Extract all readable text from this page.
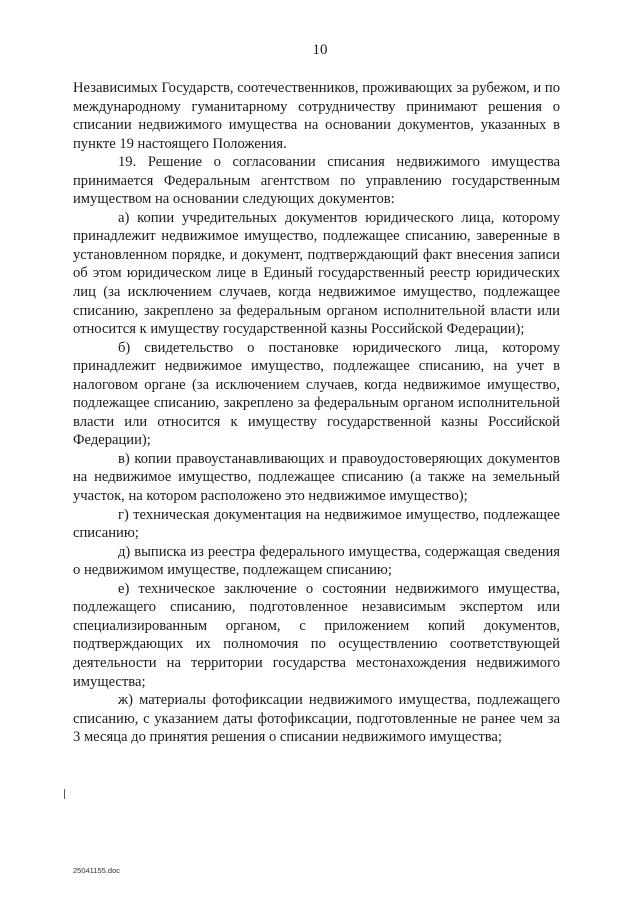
10

Независимых Государств, соотечественников, проживающих за рубежом, и по международному гуманитарному сотрудничеству принимают решения о списании недвижимого имущества на основании документов, указанных в пункте 19 настоящего Положения.

19. Решение о согласовании списания недвижимого имущества принимается Федеральным агентством по управлению государственным имуществом на основании следующих документов:

а) копии учредительных документов юридического лица, которому принадлежит недвижимое имущество, подлежащее списанию, заверенные в установленном порядке, и документ, подтверждающий факт внесения записи об этом юридическом лице в Единый государственный реестр юридических лиц (за исключением случаев, когда недвижимое имущество, подлежащее списанию, закреплено за федеральным органом исполнительной власти или относится к имуществу государственной казны Российской Федерации);

б) свидетельство о постановке юридического лица, которому принадлежит недвижимое имущество, подлежащее списанию, на учет в налоговом органе (за исключением случаев, когда недвижимое имущество, подлежащее списанию, закреплено за федеральным органом исполнительной власти или относится к имуществу государственной казны Российской Федерации);

в) копии правоустанавливающих и правоудостоверяющих документов на недвижимое имущество, подлежащее списанию (а также на земельный участок, на котором расположено это недвижимое имущество);

г) техническая документация на недвижимое имущество, подлежащее списанию;

д) выписка из реестра федерального имущества, содержащая сведения о недвижимом имуществе, подлежащем списанию;

е) техническое заключение о состоянии недвижимого имущества, подлежащего списанию, подготовленное независимым экспертом или специализированным органом, с приложением копий документов, подтверждающих их полномочия по осуществлению соответствующей деятельности на территории государства местонахождения недвижимого имущества;

ж) материалы фотофиксации недвижимого имущества, подлежащего списанию, с указанием даты фотофиксации, подготовленные не ранее чем за 3 месяца до принятия решения о списании недвижимого имущества;

25041155.doc
